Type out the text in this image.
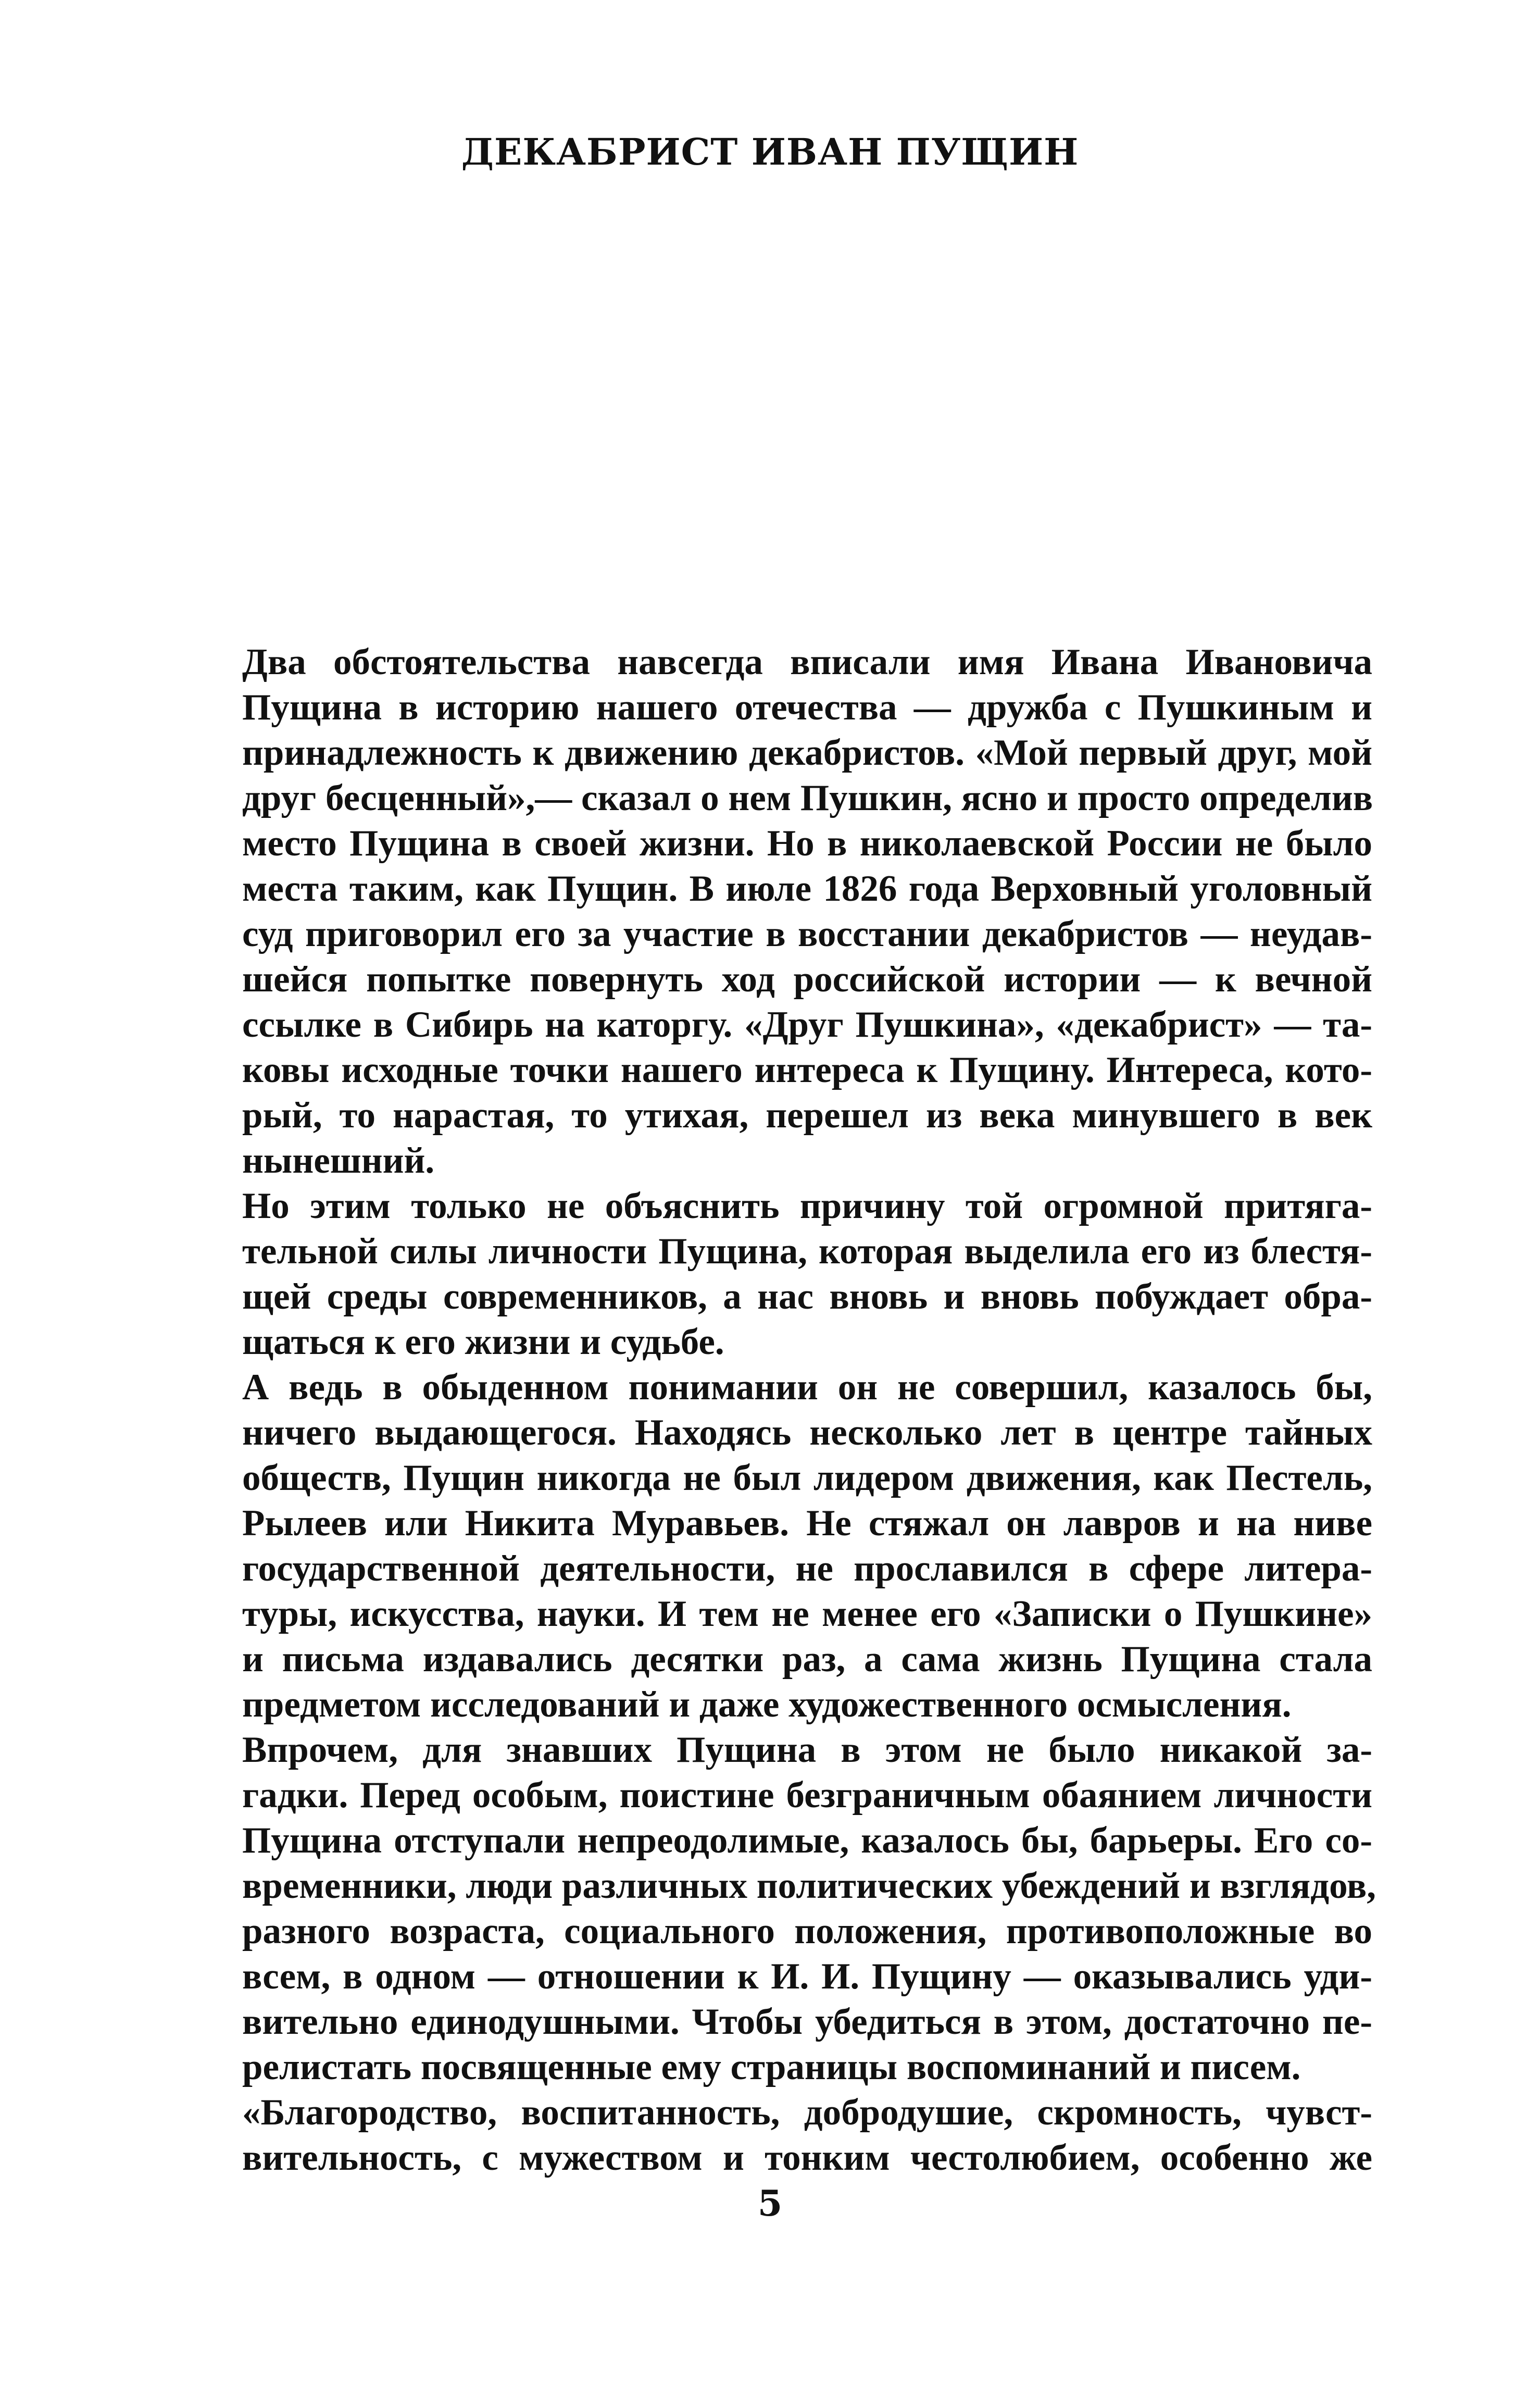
ДЕКАБРИСТ ИВАН ПУЩИН
Два обстоятельства навсегда вписали имя Ивана Ивановича
Пущина в историю нашего отечества — дружба с Пушкиным и
принадлежность к движению декабристов. «Мой первый друг, мой
друг бесценный»,— сказал о нем Пушкин, ясно и просто определив
место Пущина в своей жизни. Но в николаевской России не было
места таким, как Пущин. В июле 1826 года Верховный уголовный
суд приговорил его за участие в восстании декабристов — неудав-
шейся попытке повернуть ход российской истории — к вечной
ссылке в Сибирь на каторгу. «Друг Пушкина», «декабрист» — та-
ковы исходные точки нашего интереса к Пущину. Интереса, кото-
рый, то нарастая, то утихая, перешел из века минувшего в век
нынешний.
Но этим только не объяснить причину той огромной притяга-
тельной силы личности Пущина, которая выделила его из блестя-
щей среды современников, а нас вновь и вновь побуждает обра-
щаться к его жизни и судьбе.
А ведь в обыденном понимании он не совершил, казалось бы,
ничего выдающегося. Находясь несколько лет в центре тайных
обществ, Пущин никогда не был лидером движения, как Пестель,
Рылеев или Никита Муравьев. Не стяжал он лавров и на ниве
государственной деятельности, не прославился в сфере литера-
туры, искусства, науки. И тем не менее его «Записки о Пушкине»
и письма издавались десятки раз, а сама жизнь Пущина стала
предметом исследований и даже художественного осмысления.
Впрочем, для знавших Пущина в этом не было никакой за-
гадки. Перед особым, поистине безграничным обаянием личности
Пущина отступали непреодолимые, казалось бы, барьеры. Его со-
временники, люди различных политических убеждений и взглядов,
разного возраста, социального положения, противоположные во
всем, в одном — отношении к И. И. Пущину — оказывались уди-
вительно единодушными. Чтобы убедиться в этом, достаточно пе-
релистать посвященные ему страницы воспоминаний и писем.
«Благородство, воспитанность, добродушие, скромность, чувст-
вительность, с мужеством и тонким честолюбием, особенно же
5
